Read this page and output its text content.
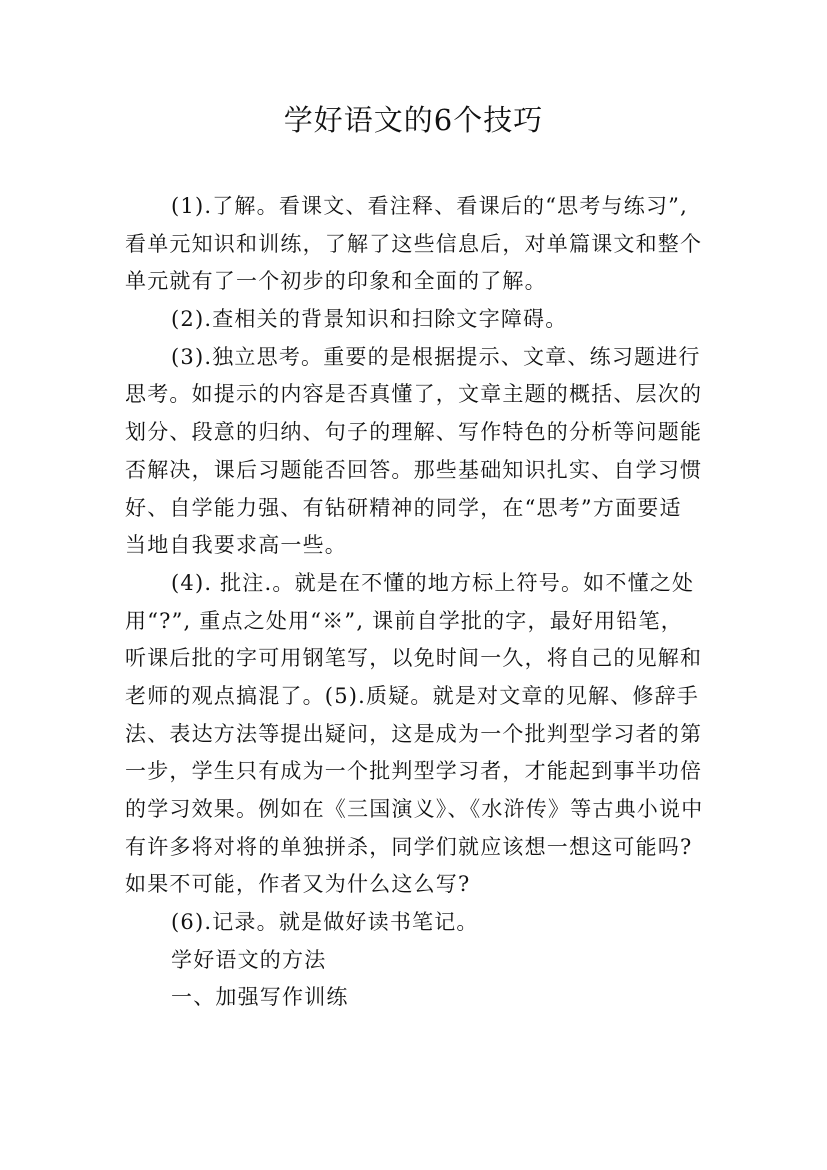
学好语文的6个技巧
(1).了解。看课文、看注释、看课后的“思考与练习”,
看单元知识和训练，了解了这些信息后，对单篇课文和整个
单元就有了一个初步的印象和全面的了解。
(2).查相关的背景知识和扫除文字障碍。
(3).独立思考。重要的是根据提示、文章、练习题进行
思考。如提示的内容是否真懂了，文章主题的概括、层次的
划分、段意的归纳、句子的理解、写作特色的分析等问题能
否解决，课后习题能否回答。那些基础知识扎实、自学习惯
好、自学能力强、有钻研精神的同学，在“思考”方面要适
当地自我要求高一些。
(4). 批注.。就是在不懂的地方标上符号。如不懂之处
用“?”, 重点之处用“※”, 课前自学批的字，最好用铅笔，
听课后批的字可用钢笔写，以免时间一久，将自己的见解和
老师的观点搞混了。(5).质疑。就是对文章的见解、修辞手
法、表达方法等提出疑问，这是成为一个批判型学习者的第
一步，学生只有成为一个批判型学习者，才能起到事半功倍
的学习效果。例如在《三国演义》、《水浒传》等古典小说中
有许多将对将的单独拼杀，同学们就应该想一想这可能吗?
如果不可能，作者又为什么这么写?
(6).记录。就是做好读书笔记。
学好语文的方法
一、加强写作训练
